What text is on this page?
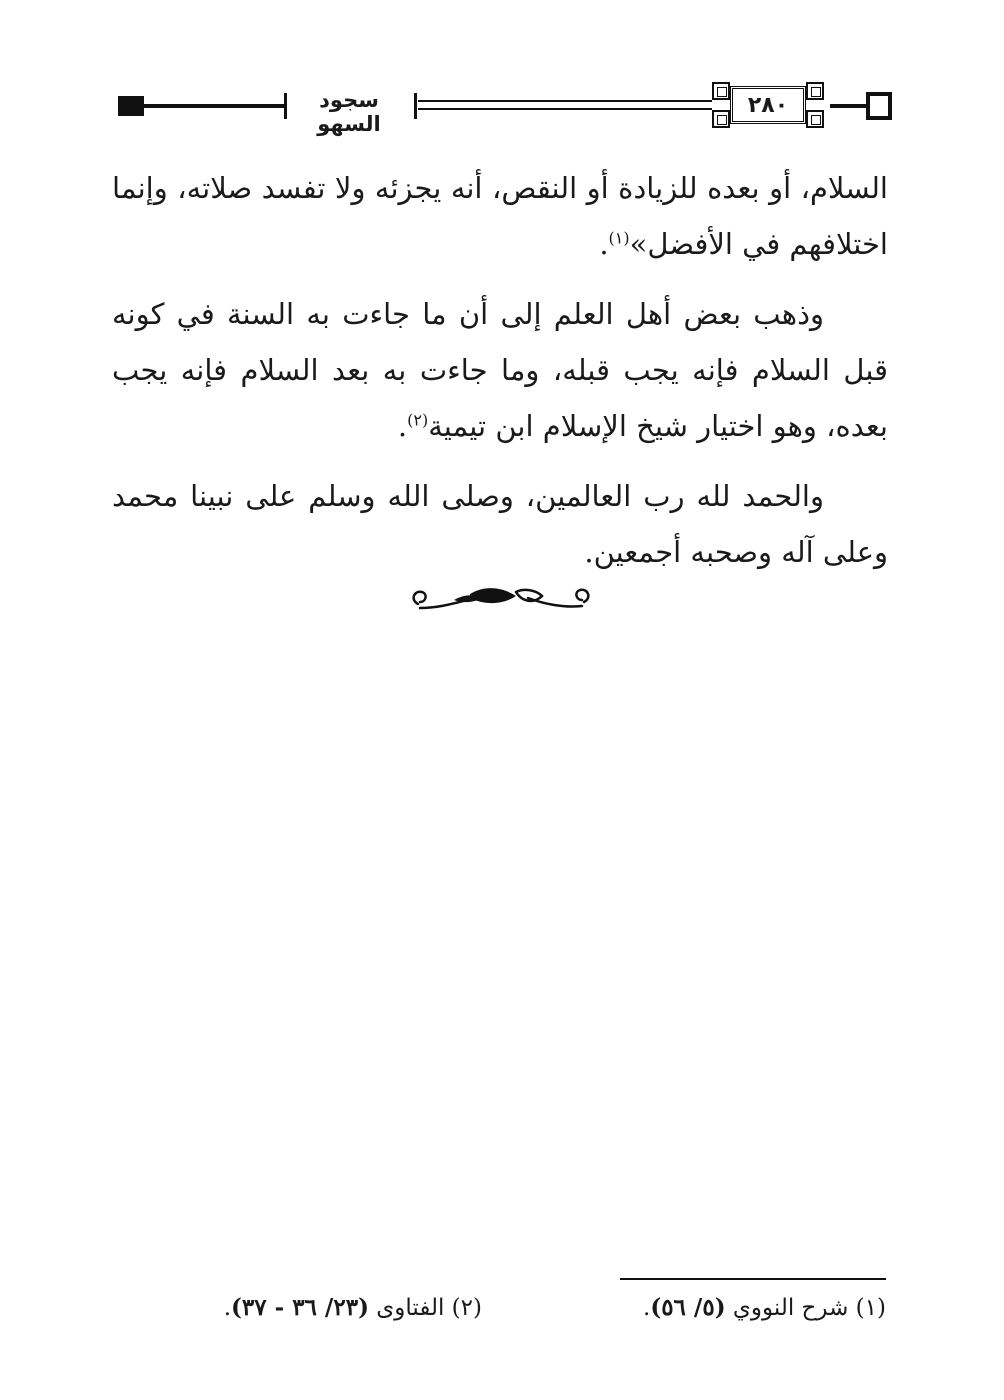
سجود السهو
٢٨٠

السلام، أو بعده للزيادة أو النقص، أنه يجزئه ولا تفسد صلاته، وإنما اختلافهم في الأفضل»$^{(١)}$.

وذهب بعض أهل العلم إلى أن ما جاءت به السنة في كونه قبل السلام فإنه يجب قبله، وما جاءت به بعد السلام فإنه يجب بعده، وهو اختيار شيخ الإسلام ابن تيمية$^{(٢)}$.

والحمد لله رب العالمين، وصلى الله وسلم على نبينا محمد وعلى آله وصحبه أجمعين.

(١) شرح النووي (٥/ ٥٦).
(٢) الفتاوى (٢٣/ ٣٦ - ٣٧).
